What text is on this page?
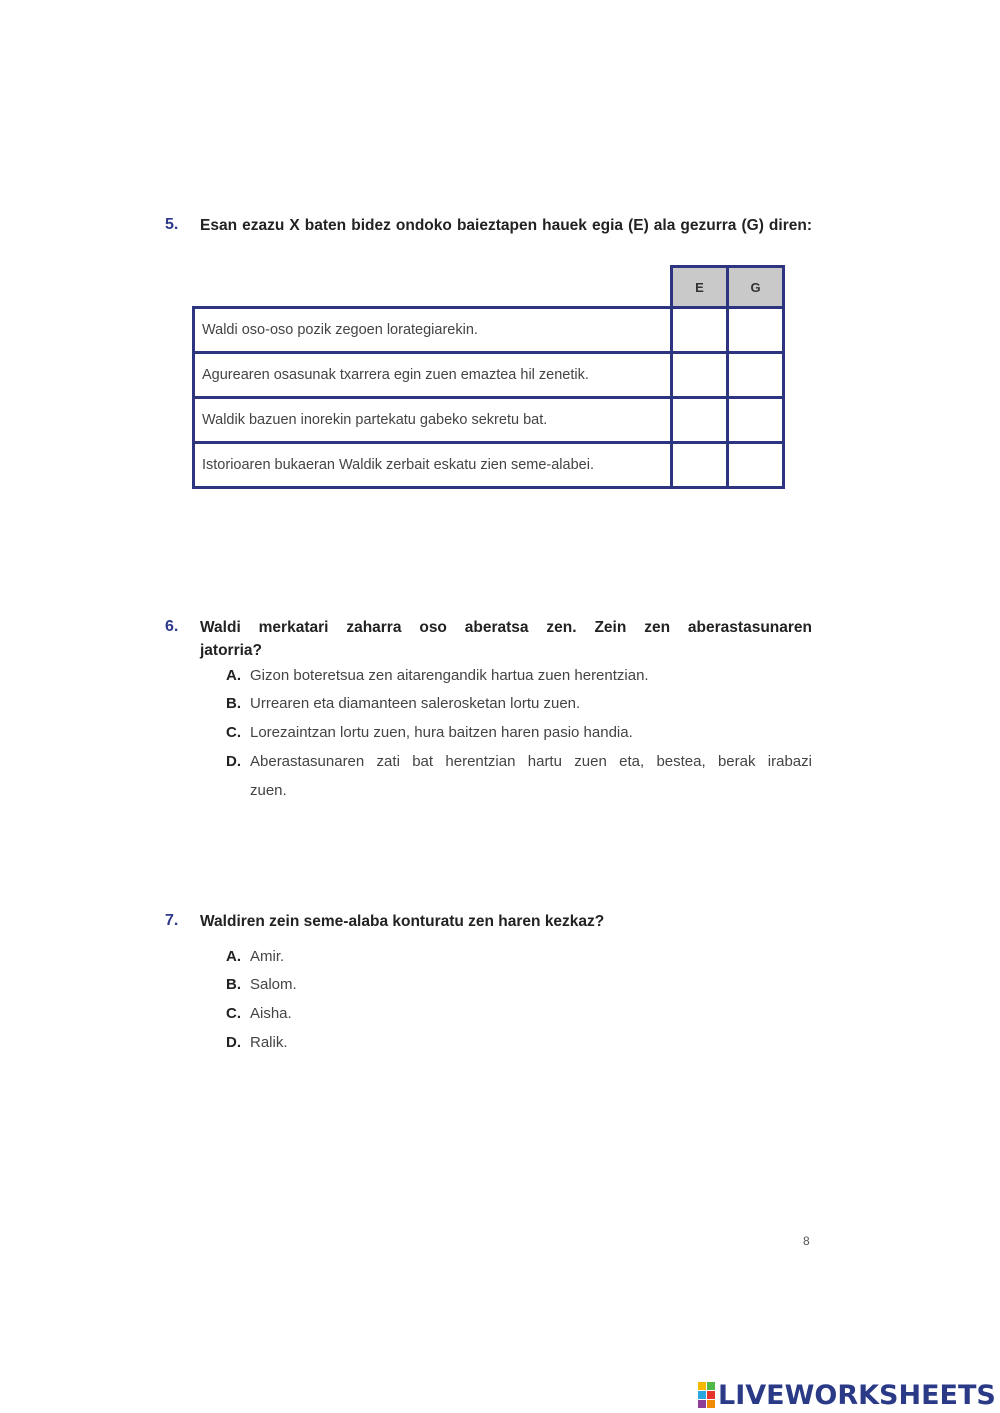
5. Esan ezazu X baten bidez ondoko baieztapen hauek egia (E) ala gezurra (G) diren:
	E	G
Waldi oso-oso pozik zegoen lorategiarekin.		
Agurearen osasunak txarrera egin zuen emaztea hil zenetik.		
Waldik bazuen inorekin partekatu gabeko sekretu bat.		
Istorioaren bukaeran Waldik zerbait eskatu zien seme-alabei.		
6. Waldi merkatari zaharra oso aberatsa zen. Zein zen aberastasunaren
jatorria?
A. Gizon boteretsua zen aitarengandik hartua zuen herentzian.
B. Urrearen eta diamanteen salerosketan lortu zuen.
C. Lorezaintzan lortu zuen, hura baitzen haren pasio handia.
D. Aberastasunaren zati bat herentzian hartu zuen eta, bestea, berak irabazi
zuen.
7. Waldiren zein seme-alaba konturatu zen haren kezkaz?
A. Amir.
B. Salom.
C. Aisha.
D. Ralik.
8
LIVEWORKSHEETS
